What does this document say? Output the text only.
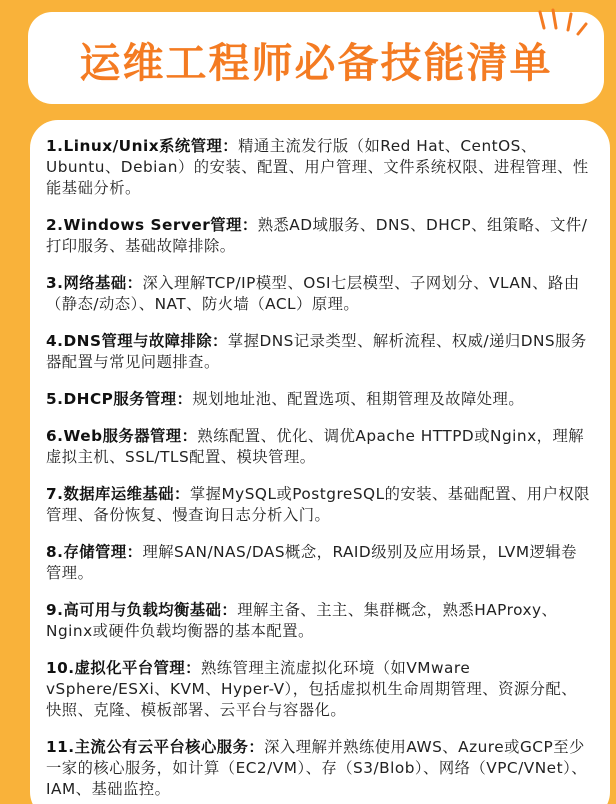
运维工程师必备技能清单
1.Linux/Unix系统管理：精通主流发行版（如Red Hat、CentOS、Ubuntu、Debian）的安装、配置、用户管理、文件系统权限、进程管理、性能基础分析。
2.Windows Server管理：熟悉AD域服务、DNS、DHCP、组策略、文件/打印服务、基础故障排除。
3.网络基础：深入理解TCP/IP模型、OSI七层模型、子网划分、VLAN、路由（静态/动态）、NAT、防火墙（ACL）原理。
4.DNS管理与故障排除：掌握DNS记录类型、解析流程、权威/递归DNS服务器配置与常见问题排查。
5.DHCP服务管理：规划地址池、配置选项、租期管理及故障处理。
6.Web服务器管理：熟练配置、优化、调优Apache HTTPD或Nginx，理解虚拟主机、SSL/TLS配置、模块管理。
7.数据库运维基础：掌握MySQL或PostgreSQL的安装、基础配置、用户权限管理、备份恢复、慢查询日志分析入门。
8.存储管理：理解SAN/NAS/DAS概念，RAID级别及应用场景，LVM逻辑卷管理。
9.高可用与负载均衡基础：理解主备、主主、集群概念，熟悉HAProxy、Nginx或硬件负载均衡器的基本配置。
10.虚拟化平台管理：熟练管理主流虚拟化环境（如VMware vSphere/ESXi、KVM、Hyper-V），包括虚拟机生命周期管理、资源分配、快照、克隆、模板部署、云平台与容器化。
11.主流公有云平台核心服务：深入理解并熟练使用AWS、Azure或GCP至少一家的核心服务，如计算（EC2/VM）、存（S3/Blob）、网络（VPC/VNet）、IAM、基础监控。
